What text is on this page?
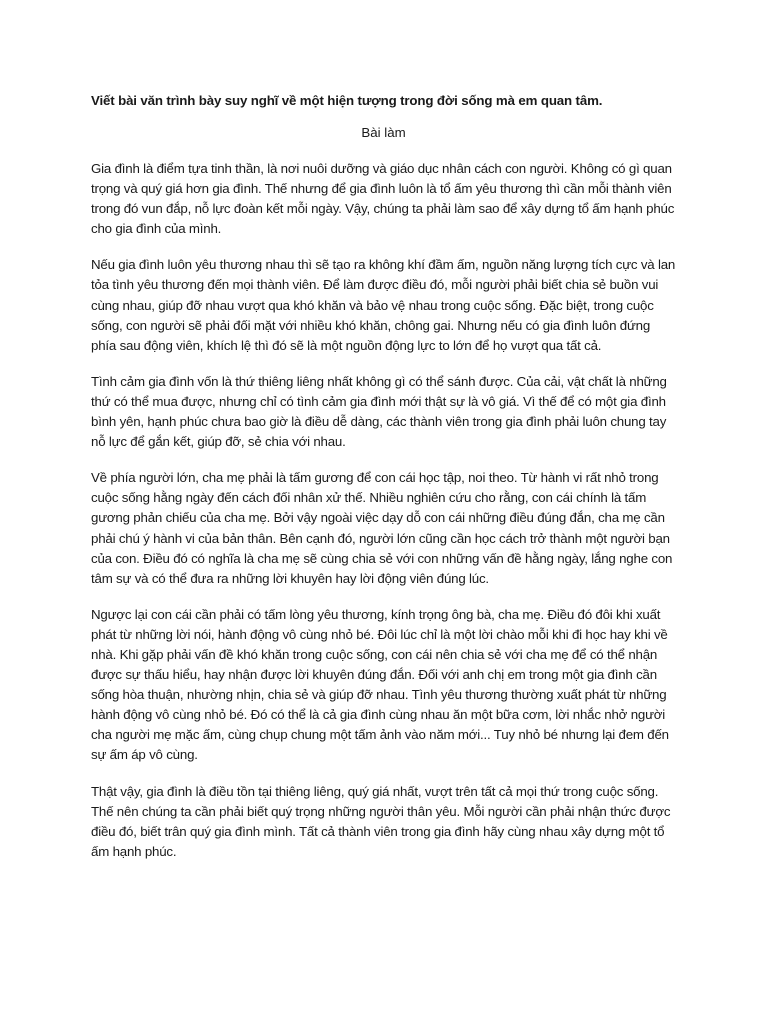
Viết bài văn trình bày suy nghĩ về một hiện tượng trong đời sống mà em quan tâm.
Bài làm

Gia đình là điểm tựa tinh thần, là nơi nuôi dưỡng và giáo dục nhân cách con người. Không có gì quan trọng và quý giá hơn gia đình. Thế nhưng để gia đình luôn là tổ ấm yêu thương thì cần mỗi thành viên trong đó vun đắp, nỗ lực đoàn kết mỗi ngày. Vậy, chúng ta phải làm sao để xây dựng tổ ấm hạnh phúc cho gia đình của mình.

Nếu gia đình luôn yêu thương nhau thì sẽ tạo ra không khí đầm ấm, nguồn năng lượng tích cực và lan tỏa tình yêu thương đến mọi thành viên. Để làm được điều đó, mỗi người phải biết chia sẻ buồn vui cùng nhau, giúp đỡ nhau vượt qua khó khăn và bảo vệ nhau trong cuộc sống. Đặc biệt, trong cuộc sống, con người sẽ phải đối mặt với nhiều khó khăn, chông gai. Nhưng nếu có gia đình luôn đứng phía sau động viên, khích lệ thì đó sẽ là một nguồn động lực to lớn để họ vượt qua tất cả.

Tình cảm gia đình vốn là thứ thiêng liêng nhất không gì có thể sánh được. Của cải, vật chất là những thứ có thể mua được, nhưng chỉ có tình cảm gia đình mới thật sự là vô giá. Vì thế để có một gia đình bình yên, hạnh phúc chưa bao giờ là điều dễ dàng, các thành viên trong gia đình phải luôn chung tay nỗ lực để gắn kết, giúp đỡ, sẻ chia với nhau.

Về phía người lớn, cha mẹ phải là tấm gương để con cái học tập, noi theo. Từ hành vi rất nhỏ trong cuộc sống hằng ngày đến cách đối nhân xử thế. Nhiều nghiên cứu cho rằng, con cái chính là tấm gương phản chiếu của cha mẹ. Bởi vậy ngoài việc dạy dỗ con cái những điều đúng đắn, cha mẹ cần phải chú ý hành vi của bản thân. Bên cạnh đó, người lớn cũng cần học cách trở thành một người bạn của con. Điều đó có nghĩa là cha mẹ sẽ cùng chia sẻ với con những vấn đề hằng ngày, lắng nghe con tâm sự và có thể đưa ra những lời khuyên hay lời động viên đúng lúc.

Ngược lại con cái cần phải có tấm lòng yêu thương, kính trọng ông bà, cha mẹ. Điều đó đôi khi xuất phát từ những lời nói, hành động vô cùng nhỏ bé. Đôi lúc chỉ là một lời chào mỗi khi đi học hay khi về nhà. Khi gặp phải vấn đề khó khăn trong cuộc sống, con cái nên chia sẻ với cha mẹ để có thể nhận được sự thấu hiểu, hay nhận được lời khuyên đúng đắn. Đối với anh chị em trong một gia đình cần sống hòa thuận, nhường nhịn, chia sẻ và giúp đỡ nhau. Tình yêu thương thường xuất phát từ những hành động vô cùng nhỏ bé. Đó có thể là cả gia đình cùng nhau ăn một bữa cơm, lời nhắc nhở người cha người mẹ mặc ấm, cùng chụp chung một tấm ảnh vào năm mới... Tuy nhỏ bé nhưng lại đem đến sự ấm áp vô cùng.

Thật vậy, gia đình là điều tồn tại thiêng liêng, quý giá nhất, vượt trên tất cả mọi thứ trong cuộc sống. Thế nên chúng ta cần phải biết quý trọng những người thân yêu. Mỗi người cần phải nhận thức được điều đó, biết trân quý gia đình mình. Tất cả thành viên trong gia đình hãy cùng nhau xây dựng một tổ ấm hạnh phúc.
